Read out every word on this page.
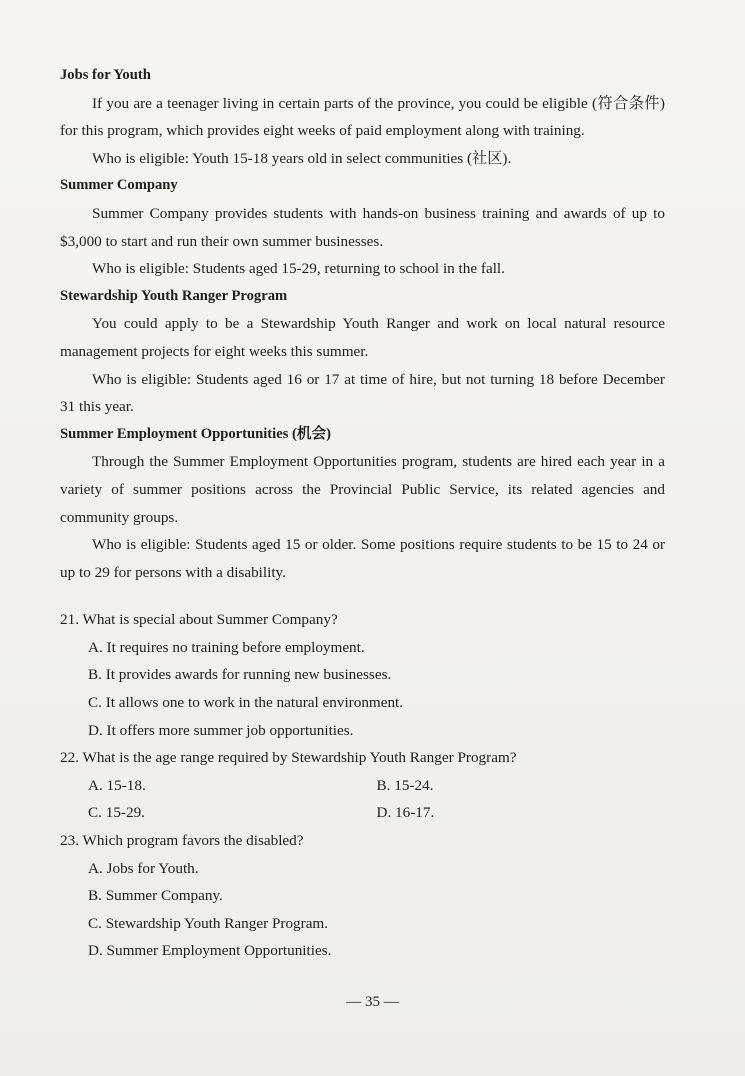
Jobs for Youth

If you are a teenager living in certain parts of the province, you could be eligible (符合条件) for this program, which provides eight weeks of paid employment along with training.

Who is eligible: Youth 15-18 years old in select communities (社区).

Summer Company

Summer Company provides students with hands-on business training and awards of up to $3,000 to start and run their own summer businesses.

Who is eligible: Students aged 15-29, returning to school in the fall.

Stewardship Youth Ranger Program

You could apply to be a Stewardship Youth Ranger and work on local natural resource management projects for eight weeks this summer.

Who is eligible: Students aged 16 or 17 at time of hire, but not turning 18 before December 31 this year.

Summer Employment Opportunities (机会)

Through the Summer Employment Opportunities program, students are hired each year in a variety of summer positions across the Provincial Public Service, its related agencies and community groups.

Who is eligible: Students aged 15 or older. Some positions require students to be 15 to 24 or up to 29 for persons with a disability.

21. What is special about Summer Company?

A. It requires no training before employment.

B. It provides awards for running new businesses.

C. It allows one to work in the natural environment.

D. It offers more summer job opportunities.

22. What is the age range required by Stewardship Youth Ranger Program?

A. 15-18.	B. 15-24.
C. 15-29.	D. 16-17.

23. Which program favors the disabled?

A. Jobs for Youth.

B. Summer Company.

C. Stewardship Youth Ranger Program.

D. Summer Employment Opportunities.

— 35 —
